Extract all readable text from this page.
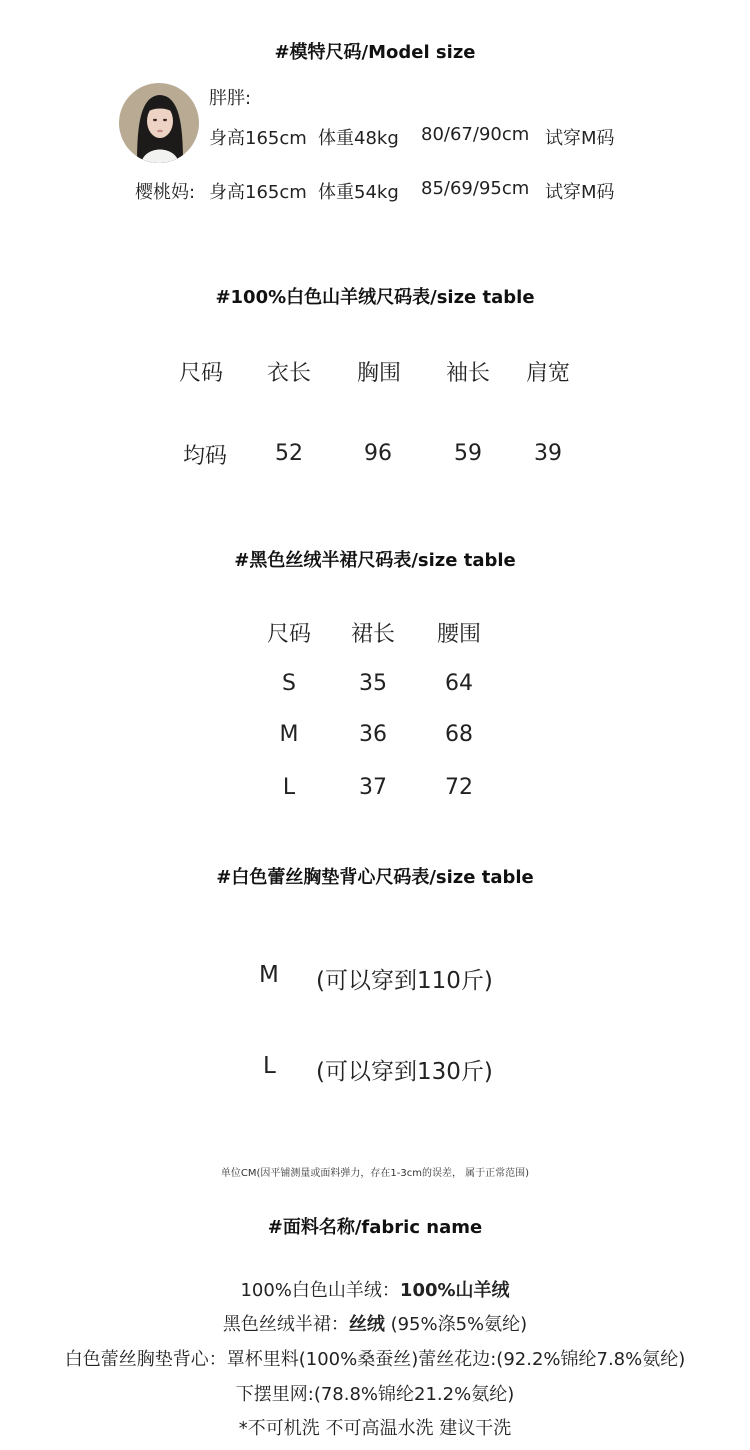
#模特尺码/Model size
胖胖:
身高165cm 体重48kg 80/67/90cm 试穿M码
樱桃妈: 身高165cm 体重54kg 85/69/95cm 试穿M码
#100%白色山羊绒尺码表/size table
尺码	衣长	胸围	袖长	肩宽
均码	52	96	59	39
#黑色丝绒半裙尺码表/size table
尺码	裙长	腰围
S	35	64
M	36	68
L	37	72
#白色蕾丝胸垫背心尺码表/size table
M (可以穿到110斤)
L (可以穿到130斤)
单位CM(因平铺测量或面料弹力，存在1-3cm的误差， 属于正常范围)
#面料名称/fabric name
100%白色山羊绒：100%山羊绒
黑色丝绒半裙：丝绒 (95%涤5%氨纶)
白色蕾丝胸垫背心：罩杯里料(100%桑蚕丝)蕾丝花边:(92.2%锦纶7.8%氨纶)
下摆里网:(78.8%锦纶21.2%氨纶)
*不可机洗 不可高温水洗 建议干洗
